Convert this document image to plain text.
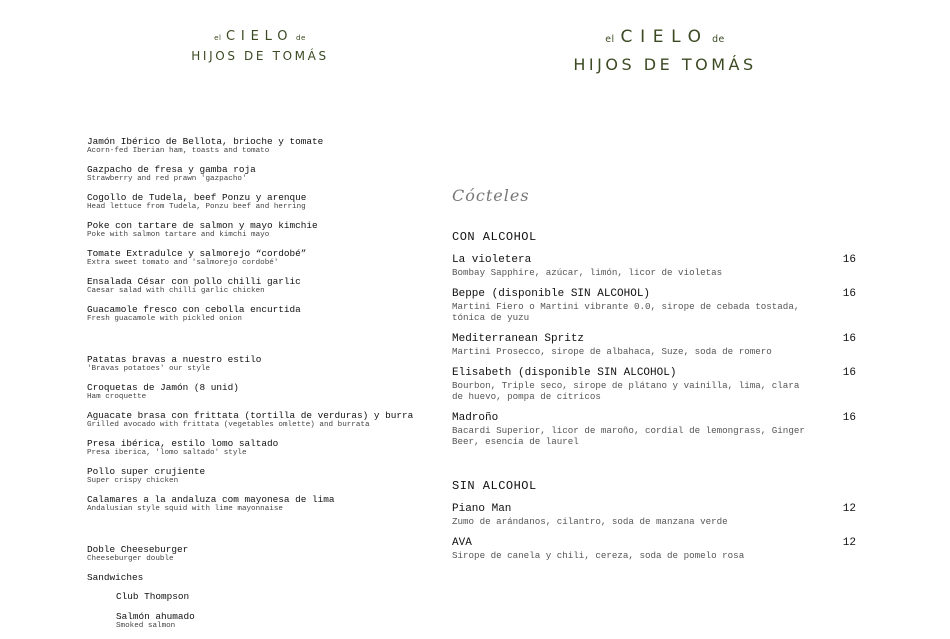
el CIELO de
HIJOS DE TOMÁS
el CIELO de
HIJOS DE TOMÁS
Jamón Ibérico de Bellota, brioche y tomate
Acorn-fed Iberian ham, toasts and tomato
Gazpacho de fresa y gamba roja
Strawberry and red prawn 'gazpacho'
Cogollo de Tudela, beef Ponzu y arenque
Head lettuce from Tudela, Ponzu beef and herring
Poke con tartare de salmon y mayo kimchie
Poke with salmon tartare and kimchi mayo
Tomate Extradulce y salmorejo “cordobé”
Extra sweet tomato and 'salmorejo cordobé'
Ensalada César con pollo chilli garlic
Caesar salad with chilli garlic chicken
Guacamole fresco con cebolla encurtida
Fresh guacamole with pickled onion
Patatas bravas a nuestro estilo
'Bravas potatoes' our style
Croquetas de Jamón (8 unid)
Ham croquette
Aguacate brasa con frittata (tortilla de verduras) y burra
Grilled avocado with frittata (vegetables omlette) and burrata
Presa ibérica, estilo lomo saltado
Presa iberica, 'lomo saltado' style
Pollo super crujiente
Super crispy chicken
Calamares a la andaluza com mayonesa de lima
Andalusian style squid with lime mayonnaise
Doble Cheeseburger
Cheeseburger double
Sandwiches
Club Thompson
Salmón ahumado
Smoked salmon
Cócteles
CON ALCOHOL
La violetera	16
Bombay Sapphire, azúcar, limón, licor de violetas
Beppe (disponible SIN ALCOHOL)	16
Martini Fiero o Martini vibrante 0.0, sirope de cebada tostada, tónica de yuzu
Mediterranean Spritz	16
Martini Prosecco, sirope de albahaca, Suze, soda de romero
Elisabeth (disponible SIN ALCOHOL)	16
Bourbon, Triple seco, sirope de plátano y vainilla, lima, clara de huevo, pompa de cítricos
Madroño	16
Bacardi Superior, licor de maroño, cordial de lemongrass, Ginger Beer, esencia de laurel
SIN ALCOHOL
Piano Man	12
Zumo de arándanos, cilantro, soda de manzana verde
AVA	12
Sirope de canela y chili, cereza, soda de pomelo rosa
